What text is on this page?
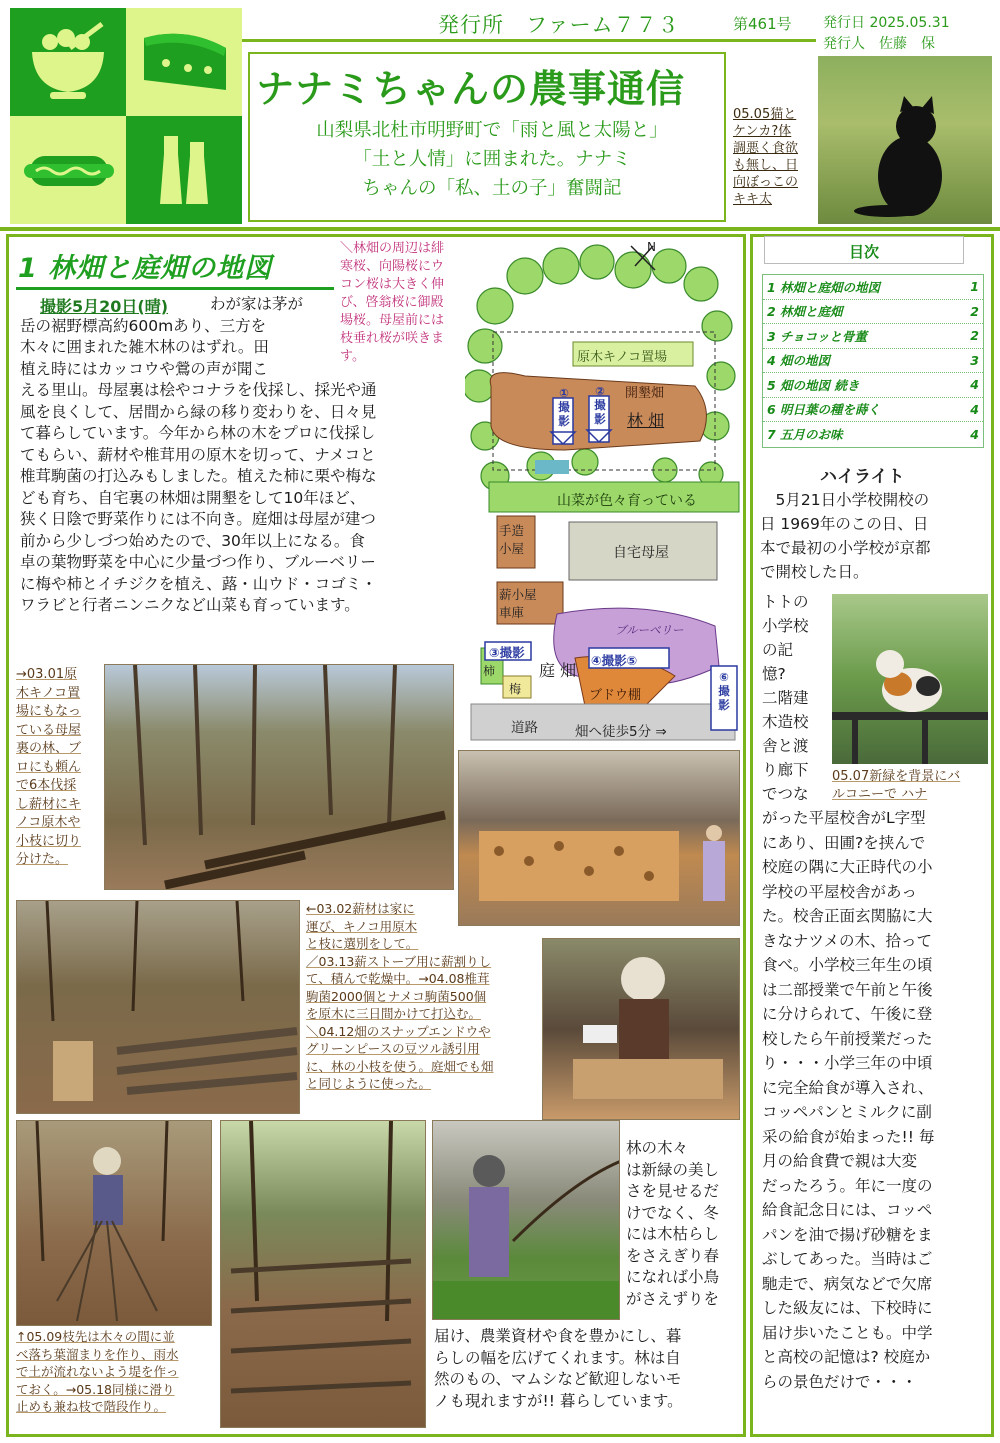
発行所　ファーム７７３	第461号 発行日 2025.05.31
発行人　佐藤　保
ナナミちゃんの農事通信
山梨県北杜市明野町で「雨と風と太陽と」
「土と人情」に囲まれた。ナナミ
ちゃんの「私、土の子」奮闘記
05.05猫と
ケンカ?体
調悪く食欲
も無し、日
向ぼっこの
キキ太
1 林畑と庭畑の地図
＼林畑の周辺は緋
寒桜、向陽桜にウ
コン桜は大きく伸
び、啓翁桜に御殿
場桜。母屋前には
枝垂れ桜が咲きま
す。
撮影5月20日(晴)	わが家は茅が
岳の裾野標高約600mあり、三方を
木々に囲まれた雑木林のはずれ。田
植え時にはカッコウや鶯の声が聞こ
える里山。母屋裏は桧やコナラを伐採し、採光や通
風を良くして、居間から緑の移り変わりを、日々見
て暮らしています。今年から林の木をプロに伐採し
てもらい、薪材や椎茸用の原木を切って、ナメコと
椎茸駒菌の打込みもしました。植えた柿に栗や梅な
ども育ち、自宅裏の林畑は開墾をして10年ほど、
狭く日陰で野菜作りには不向き。庭畑は母屋が建つ
前から少しづつ始めたので、30年以上になる。食
卓の葉物野菜を中心に少量づつ作り、ブルーベリー
に梅や柿とイチジクを植え、蕗・山ウド・コゴミ・
ワラビと行者ニンニクなど山菜も育っています。
N
原木キノコ置場
開墾畑
林 畑
①
撮
影
②
撮
影
山菜が色々育っている
手造
小屋	自宅母屋
薪小屋
車庫
ブルーベリー
③撮影
④撮影⑤
柿	庭 畑
梅	ブドウ棚
⑥
撮
影
道路	畑へ徒歩5分 ⇒
→03.01原
木キノコ置
場にもなっ
ている母屋
裏の林、ブ
ロにも頼ん
で6本伐採
し薪材にキ
ノコ原木や
小枝に切り
分けた。
←03.02薪材は家に
運び、キノコ用原木
と枝に選別をして。
／03.13薪ストーブ用に薪割りし
て、積んで乾燥中。→04.08椎茸
駒菌2000個とナメコ駒菌500個
を原木に三日間かけて打込む。
＼04.12畑のスナップエンドウや
グリーンピースの豆ツル誘引用
に、林の小枝を使う。庭畑でも畑
と同じように使った。
↑05.09枝先は木々の間に並
べ落ち葉溜まりを作り、雨水
で土が流れないよう堤を作っ
ておく。→05.18同様に滑り
止めも兼ね枝で階段作り。
林の木々
は新緑の美し
さを見せるだ
けでなく、冬
には木枯らし
をさえぎり春
になれば小鳥
がさえずりを
届け、農業資材や食を豊かにし、暮
らしの幅を広げてくれます。林は自
然のもの、マムシなど歓迎しないモ
ノも現れますが!! 暮らしています。
目次
1 林畑と庭畑の地図	1
2 林畑と庭畑	2
3 チョコッと骨董	2
4 畑の地図	3
5 畑の地図 続き	4
6 明日葉の種を蒔く	4
7 五月のお味	4
ハイライト
　5月21日小学校開校の
日 1969年のこの日、日
本で最初の小学校が京都
で開校した日。
トトの
小学校
の記
憶?
二階建
木造校
舎と渡
り廊下
でつな
05.07新緑を背景にバ
ルコニーで ハナ
がった平屋校舎がL字型
にあり、田圃?を挟んで
校庭の隅に大正時代の小
学校の平屋校舎があっ
た。校舎正面玄関脇に大
きなナツメの木、拾って
食べ。小学校三年生の頃
は二部授業で午前と午後
に分けられて、午後に登
校したら午前授業だった
り・・・小学三年の中頃
に完全給食が導入され、
コッペパンとミルクに副
采の給食が始まった!! 毎
月の給食費で親は大変
だったろう。年に一度の
給食記念日には、コッペ
パンを油で揚げ砂糖をま
ぶしてあった。当時はご
馳走で、病気などで欠席
した級友には、下校時に
届け歩いたことも。中学
と高校の記憶は? 校庭か
らの景色だけで・・・
